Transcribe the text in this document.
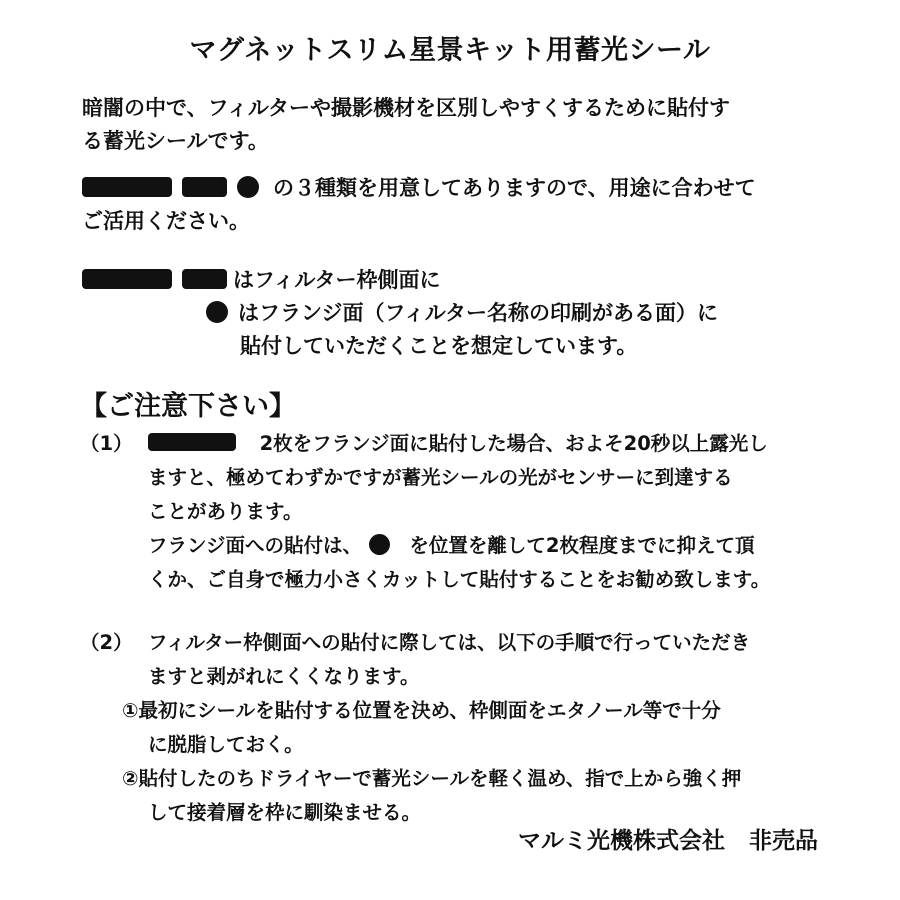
マグネットスリム星景キット用蓄光シール
暗闇の中で、フィルターや撮影機材を区別しやすくするために貼付す
る蓄光シールです。
の３種類を用意してありますので、用途に合わせて
ご活用ください。
はフィルター枠側面に
はフランジ面（フィルター名称の印刷がある面）に
貼付していただくことを想定しています。
【ご注意下さい】
（1）	2枚をフランジ面に貼付した場合、およそ20秒以上露光し
ますと、極めてわずかですが蓄光シールの光がセンサーに到達する
ことがあります。
フランジ面への貼付は、 を位置を離して2枚程度までに抑えて頂
くか、ご自身で極力小さくカットして貼付することをお勧め致します。
（2） フィルター枠側面への貼付に際しては、以下の手順で行っていただき
ますと剥がれにくくなります。
①最初にシールを貼付する位置を決め、枠側面をエタノール等で十分
に脱脂しておく。
②貼付したのちドライヤーで蓄光シールを軽く温め、指で上から強く押
して接着層を枠に馴染ませる。
マルミ光機株式会社 非売品
